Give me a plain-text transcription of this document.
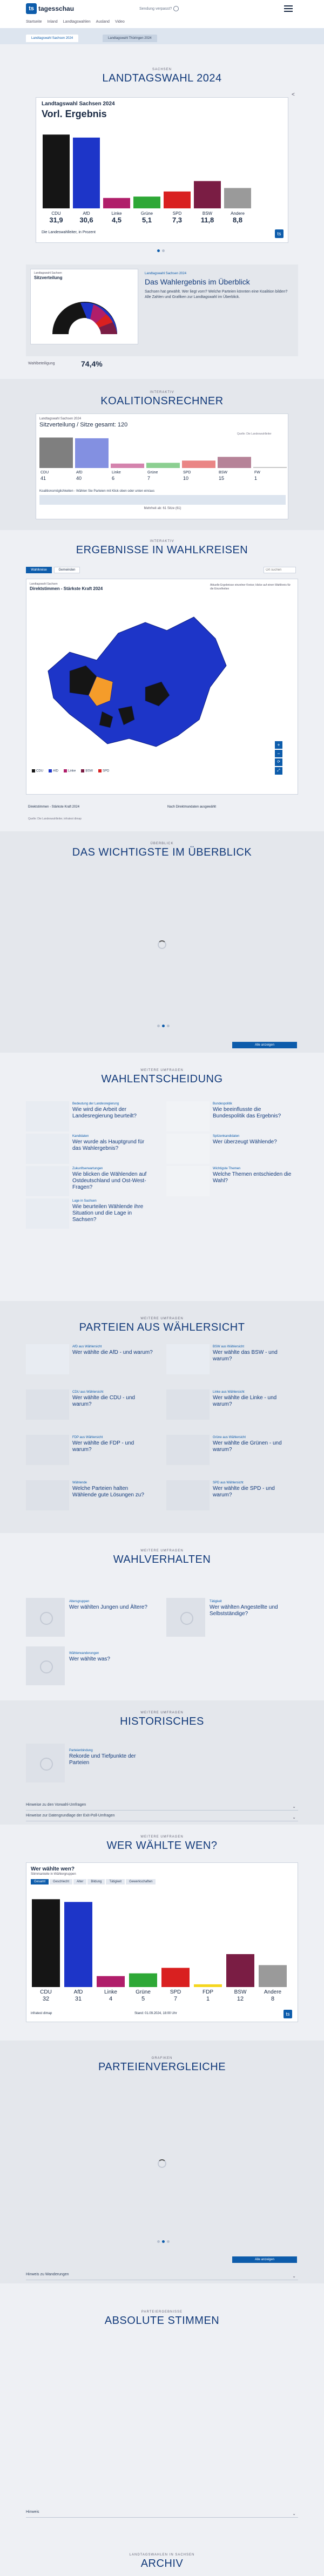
ts tagesschau	Sendung verpasst?
Startseite Inland Landtagswahlen Ausland Video
Landtagswahl Sachsen 2024	Landtagswahl Thüringen 2024
SACHSEN
LANDTAGSWAHL 2024
<
Landtagswahl Sachsen 2024
Vorl. Ergebnis
CDU
31,9
AfD
30,6
Linke
4,5
Grüne
5,1
SPD
7,3
BSW
11,8
Andere
8,8
Die Landeswahlleiter, in Prozent	ts
Landtagswahl Sachsen
Sitzverteilung
Landtagswahl Sachsen 2024
Das Wahlergebnis im Überblick
Sachsen hat gewählt. Wer liegt vorn? Welche Parteien könnten eine Koalition bilden? Alle Zahlen und Grafiken zur Landtagswahl im Überblick.
Wahlbeteiligung	74,4%
INTERAKTIV
KOALITIONSRECHNER
Landtagswahl Sachsen 2024
Sitzverteilung / Sitze gesamt: 120
Quelle: Die Landeswahlleiter
CDU
41
AfD
40
Linke
6
Grüne
7
SPD
10
BSW
15
FW
1
Koalitionsmöglichkeiten - Wählen Sie Parteien mit Klick oben oder unten ein/aus
Mehrheit ab: 61 Sitze (61)
INTERAKTIV
ERGEBNISSE IN WAHLKREISEN
Wahlkreise	Gemeinden
Ort suchen
Landtagswahl Sachsen
Direktstimmen - Stärkste Kraft 2024
Aktuelle Ergebnisse einzelner Kreise; klicke auf einen Wahlkreis für die Einzelheiten
+
−
⟳
⤢
CDU	AfD	Linke	BSW	SPD
Direktstimmen - Stärkste Kraft 2024	Nach Direktmandaten ausgewählt
Quelle: Die Landeswahlleiter, infratest dimap
ÜBERBLICK
DAS WICHTIGSTE IM ÜBERBLICK
Alle anzeigen
WEITERE UMFRAGEN
WAHLENTSCHEIDUNG
Bedeutung der Landesregierung
Wie wird die Arbeit der Landesregierung beurteilt?
Bundespolitik
Wie beeinflusste die Bundespolitik das Ergebnis?
Kandidaten
Wer wurde als Hauptgrund für das Wahlergebnis?
Spitzenkandidaten
Wer überzeugt Wählende?
Zukunftserwartungen
Wie blicken die Wählenden auf Ostdeutschland und Ost-West-Fragen?
Wichtigste Themen
Welche Themen entschieden die Wahl?
Lage in Sachsen
Wie beurteilen Wählende ihre Situation und die Lage in Sachsen?
WEITERE UMFRAGEN
PARTEIEN AUS WÄHLERSICHT
AfD aus Wählersicht
Wer wählte die AfD - und warum?
BSW aus Wählersicht
Wer wählte das BSW - und warum?
CDU aus Wählersicht
Wer wählte die CDU - und warum?
Linke aus Wählersicht
Wer wählte die Linke - und warum?
FDP aus Wählersicht
Wer wählte die FDP - und warum?
Grüne aus Wählersicht
Wer wählte die Grünen - und warum?
Wählende
Welche Parteien halten Wählende gute Lösungen zu?
SPD aus Wählersicht
Wer wählte die SPD - und warum?
WEITERE UMFRAGEN
WAHLVERHALTEN
Altersgruppen
Wer wählten Jungen und Ältere?
Tätigkeit
Wer wählten Angestellte und Selbstständige?
Wählerwanderungen
Wer wählte was?
WEITERE UMFRAGEN
HISTORISCHES
Parteienbindung
Rekorde und Tiefpunkte der Parteien
Hinweise zu den Vorwahl-Umfragen	⌄
Hinweise zur Datengrundlage der Exit-Poll-Umfragen	⌄
WEITERE UMFRAGEN
WER WÄHLTE WEN?
Wer wählte wen?
Stimmanteile in Wählergruppen
Gesamt	Geschlecht	Alter	Bildung	Tätigkeit	Gewerkschaften
CDU
32
AfD
31
Linke
4
Grüne
5
SPD
7
FDP
1
BSW
12
Andere
8
infratest dimap	Stand: 01.09.2024, 18:00 Uhr	ts
GRAFIKEN
PARTEIENVERGLEICHE
Alle anzeigen
Hinweis zu Wanderungen	⌄
PARTEIERGEBNISSE
ABSOLUTE STIMMEN
Hinweis	⌄
LANDTAGSWAHLEN IN SACHSEN
ARCHIV
